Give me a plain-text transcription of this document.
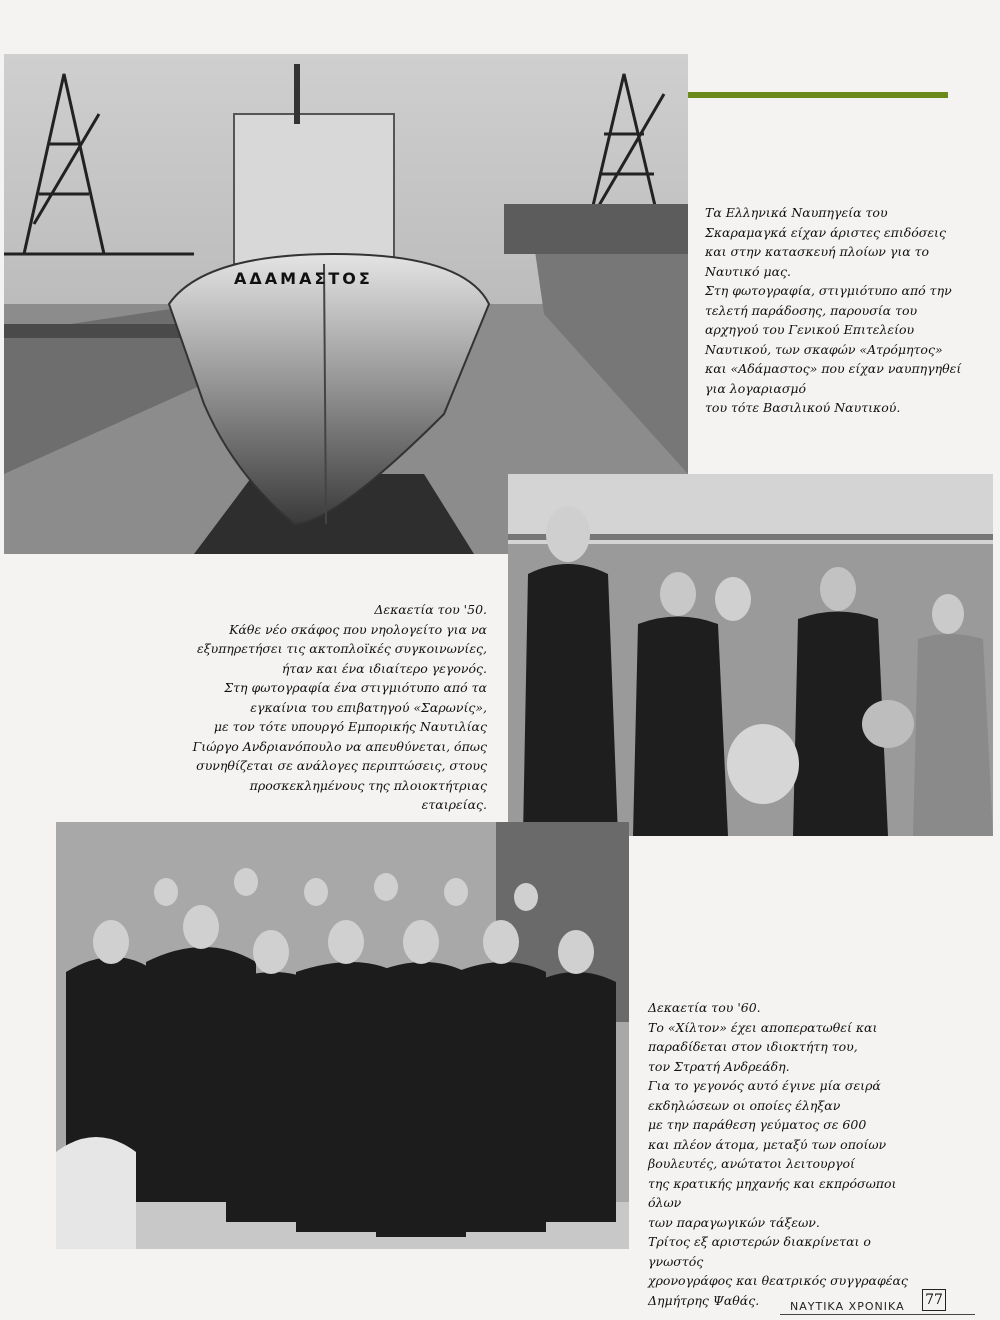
ΑΔΑΜΑΣΤΟΣ
Τα Ελληνικά Ναυπηγεία του
Σκαραμαγκά είχαν άριστες επιδόσεις
και στην κατασκευή πλοίων για το
Ναυτικό μας.
Στη φωτογραφία, στιγμιότυπο από την
τελετή παράδοσης, παρουσία του
αρχηγού του Γενικού Επιτελείου
Ναυτικού, των σκαφών «Ατρόμητος»
και «Αδάμαστος» που είχαν ναυπηγηθεί
για λογαριασμό
του τότε Βασιλικού Ναυτικού.
Δεκαετία του '50.
Κάθε νέο σκάφος που νηολογείτο για να
εξυπηρετήσει τις ακτοπλοϊκές συγκοινωνίες,
ήταν και ένα ιδιαίτερο γεγονός.
Στη φωτογραφία ένα στιγμιότυπο από τα
εγκαίνια του επιβατηγού «Σαρωνίς»,
με τον τότε υπουργό Εμπορικής Ναυτιλίας
Γιώργο Ανδριανόπουλο να απευθύνεται, όπως
συνηθίζεται σε ανάλογες περιπτώσεις, στους
προσκεκλημένους της πλοιοκτήτριας εταιρείας.
Δεκαετία του '60.
Το «Χίλτον» έχει αποπερατωθεί και
παραδίδεται στον ιδιοκτήτη του,
τον Στρατή Ανδρεάδη.
Για το γεγονός αυτό έγινε μία σειρά
εκδηλώσεων οι οποίες έληξαν
με την παράθεση γεύματος σε 600
και πλέον άτομα, μεταξύ των οποίων
βουλευτές, ανώτατοι λειτουργοί
της κρατικής μηχανής και εκπρόσωποι όλων
των παραγωγικών τάξεων.
Τρίτος εξ αριστερών διακρίνεται ο γνωστός
χρονογράφος και θεατρικός συγγραφέας
Δημήτρης Ψαθάς.	ΝΑΥΤΙΚΑ ΧΡΟΝΙΚΑ 77
